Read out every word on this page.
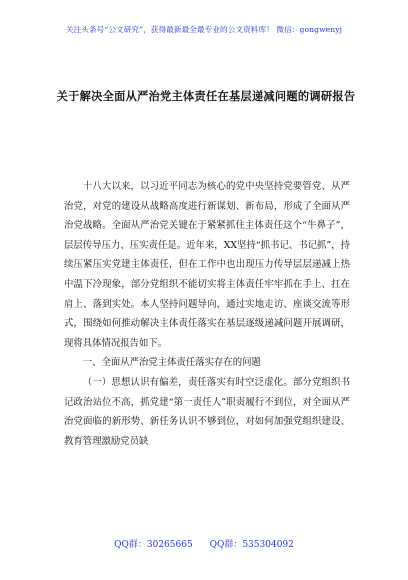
关注头条号“公文研究”，获得最新最全最专业的公文资料库！ 微信：gongwenyj
关于解决全面从严治党主体责任在基层递减问题的调研报告

十八大以来，以习近平同志为核心的党中央坚持党要管党、从严治党，对党的建设从战略高度进行新谋划、新布局，形成了全面从严治党战略。全面从严治党关键在于紧紧抓住主体责任这个“牛鼻子”，层层传导压力、压实责任是。近年来，XX坚持“抓书记、书记抓”，持续压紧压实党建主体责任，但在工作中也出现压力传导层层递减上热中温下冷现象，部分党组织不能切实将主体责任牢牢抓在手上、扛在肩上、落到实处。本人坚持问题导向，通过实地走访、座谈交流等形式，围绕如何推动解决主体责任落实在基层逐级递减问题开展调研，现将具体情况报告如下。

一、全面从严治党主体责任落实存在的问题

（一）思想认识有偏差，责任落实有时空泛虚化。部分党组织书记政治站位不高，抓党建“第一责任人”职责履行不到位，对全面从严治党面临的新形势、新任务认识不够到位，对如何加强党组织建设、教育管理激励党员缺

QQ群：30265665 QQ群：535304092
